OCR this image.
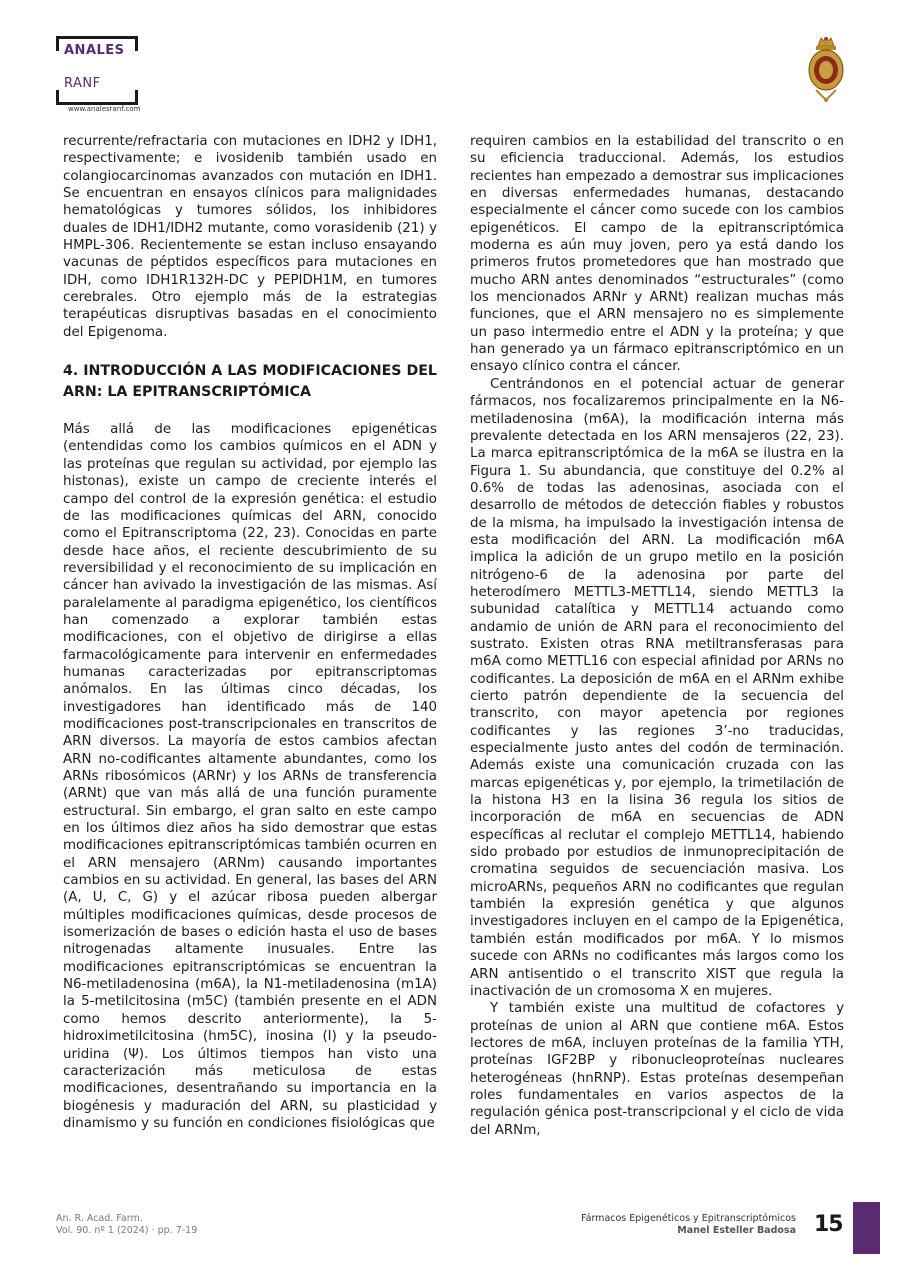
ANALES
RANF
www.analesranf.com

recurrente/refractaria con mutaciones en IDH2 y IDH1, respectivamente; e ivosidenib también usado en colangiocarcinomas avanzados con mutación en IDH1. Se encuentran en ensayos clínicos para malignidades hematológicas y tumores sólidos, los inhibidores duales de IDH1/IDH2 mutante, como vorasidenib (21) y HMPL-306. Recientemente se estan incluso ensayando vacunas de péptidos específicos para mutaciones en IDH, como IDH1R132H-DC y PEPIDH1M, en tumores cerebrales. Otro ejemplo más de la estrategias terapéuticas disruptivas basadas en el conocimiento del Epigenoma.

4. INTRODUCCIÓN A LAS MODIFICACIONES DEL ARN: LA EPITRANSCRIPTÓMICA

Más allá de las modificaciones epigenéticas (entendidas como los cambios químicos en el ADN y las proteínas que regulan su actividad, por ejemplo las histonas), existe un campo de creciente interés el campo del control de la expresión genética: el estudio de las modificaciones químicas del ARN, conocido como el Epitranscriptoma (22, 23). Conocidas en parte desde hace años, el reciente descubrimiento de su reversibilidad y el reconocimiento de su implicación en cáncer han avivado la investigación de las mismas. Así paralelamente al paradigma epigenético, los científicos han comenzado a explorar también estas modificaciones, con el objetivo de dirigirse a ellas farmacológicamente para intervenir en enfermedades humanas caracterizadas por epitranscriptomas anómalos. En las últimas cinco décadas, los investigadores han identificado más de 140 modificaciones post-transcripcionales en transcritos de ARN diversos. La mayoría de estos cambios afectan ARN no-codificantes altamente abundantes, como los ARNs ribosómicos (ARNr) y los ARNs de transferencia (ARNt) que van más allá de una función puramente estructural. Sin embargo, el gran salto en este campo en los últimos diez años ha sido demostrar que estas modificaciones epitranscriptómicas también ocurren en el ARN mensajero (ARNm) causando importantes cambios en su actividad. En general, las bases del ARN (A, U, C, G) y el azúcar ribosa pueden albergar múltiples modificaciones químicas, desde procesos de isomerización de bases o edición hasta el uso de bases nitrogenadas altamente inusuales. Entre las modificaciones epitranscriptómicas se encuentran la N6-metiladenosina (m6A), la N1-metiladenosina (m1A) la 5-metilcitosina (m5C) (también presente en el ADN como hemos descrito anteriormente), la 5-hidroximetilcitosina (hm5C), inosina (I) y la pseudo-uridina (Ψ). Los últimos tiempos han visto una caracterización más meticulosa de estas modificaciones, desentrañando su importancia en la biogénesis y maduración del ARN, su plasticidad y dinamismo y su función en condiciones fisiológicas que

requiren cambios en la estabilidad del transcrito o en su eficiencia traduccional. Además, los estudios recientes han empezado a demostrar sus implicaciones en diversas enfermedades humanas, destacando especialmente el cáncer como sucede con los cambios epigenéticos. El campo de la epitranscriptómica moderna es aún muy joven, pero ya está dando los primeros frutos prometedores que han mostrado que mucho ARN antes denominados “estructurales” (como los mencionados ARNr y ARNt) realizan muchas más funciones, que el ARN mensajero no es simplemente un paso intermedio entre el ADN y la proteína; y que han generado ya un fármaco epitranscriptómico en un ensayo clínico contra el cáncer.

Centrándonos en el potencial actuar de generar fármacos, nos focalizaremos principalmente en la N6-metiladenosina (m6A), la modificación interna más prevalente detectada en los ARN mensajeros (22, 23). La marca epitranscriptómica de la m6A se ilustra en la Figura 1. Su abundancia, que constituye del 0.2% al 0.6% de todas las adenosinas, asociada con el desarrollo de métodos de detección fiables y robustos de la misma, ha impulsado la investigación intensa de esta modificación del ARN. La modificación m6A implica la adición de un grupo metilo en la posición nitrógeno-6 de la adenosina por parte del heterodímero METTL3-METTL14, siendo METTL3 la subunidad catalítica y METTL14 actuando como andamio de unión de ARN para el reconocimiento del sustrato. Existen otras RNA metiltransferasas para m6A como METTL16 con especial afinidad por ARNs no codificantes. La deposición de m6A en el ARNm exhibe cierto patrón dependiente de la secuencia del transcrito, con mayor apetencia por regiones codificantes y las regiones 3’-no traducidas, especialmente justo antes del codón de terminación. Además existe una comunicación cruzada con las marcas epigenéticas y, por ejemplo, la trimetilación de la histona H3 en la lisina 36 regula los sitios de incorporación de m6A en secuencias de ADN específicas al reclutar el complejo METTL14, habiendo sido probado por estudios de inmunoprecipitación de cromatina seguidos de secuenciación masiva. Los microARNs, pequeños ARN no codificantes que regulan también la expresión genética y que algunos investigadores incluyen en el campo de la Epigenética, también están modificados por m6A. Y lo mismos sucede con ARNs no codificantes más largos como los ARN antisentido o el transcrito XIST que regula la inactivación de un cromosoma X en mujeres.

Y también existe una multitud de cofactores y proteínas de union al ARN que contiene m6A. Estos lectores de m6A, incluyen proteínas de la familia YTH, proteínas IGF2BP y ribonucleoproteínas nucleares heterogéneas (hnRNP). Estas proteínas desempeñan roles fundamentales en varios aspectos de la regulación génica post-transcripcional y el ciclo de vida del ARNm,

An. R. Acad. Farm.
Vol. 90. nº 1 (2024) · pp. 7-19
Fármacos Epigenéticos y Epitranscriptómicos
Manel Esteller Badosa 15
